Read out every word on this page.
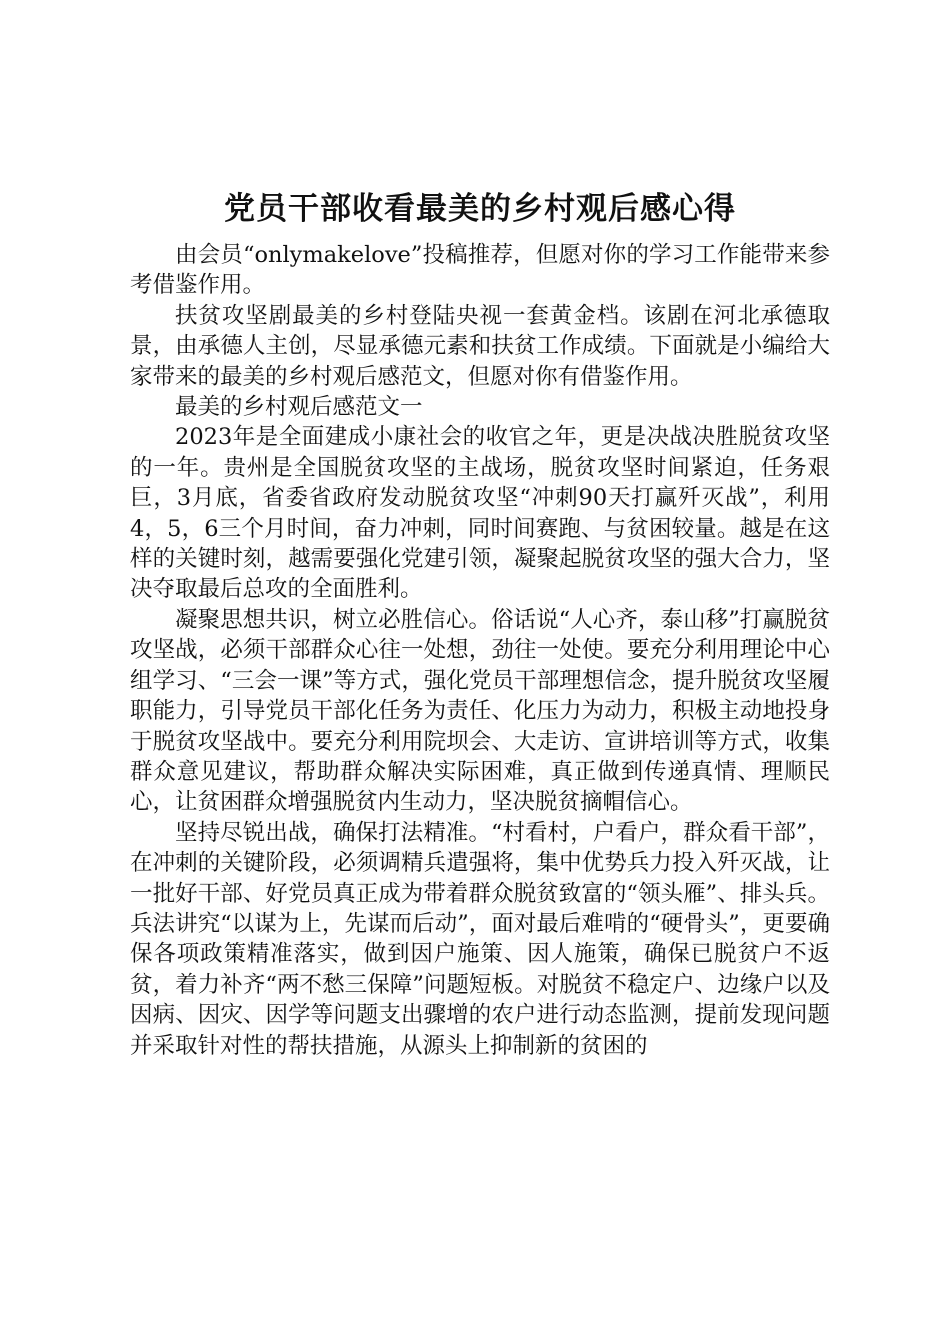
党员干部收看最美的乡村观后感心得

由会员“onlymakelove”投稿推荐，但愿对你的学习工作能带来参考借鉴作用。

扶贫攻坚剧最美的乡村登陆央视一套黄金档。该剧在河北承德取景，由承德人主创，尽显承德元素和扶贫工作成绩。下面就是小编给大家带来的最美的乡村观后感范文，但愿对你有借鉴作用。

最美的乡村观后感范文一

2023年是全面建成小康社会的收官之年，更是决战决胜脱贫攻坚的一年。贵州是全国脱贫攻坚的主战场，脱贫攻坚时间紧迫，任务艰巨，3月底，省委省政府发动脱贫攻坚“冲刺90天打赢歼灭战”，利用4，5，6三个月时间，奋力冲刺，同时间赛跑、与贫困较量。越是在这样的关键时刻，越需要强化党建引领，凝聚起脱贫攻坚的强大合力，坚决夺取最后总攻的全面胜利。

凝聚思想共识，树立必胜信心。俗话说“人心齐，泰山移”打赢脱贫攻坚战，必须干部群众心往一处想，劲往一处使。要充分利用理论中心组学习、“三会一课”等方式，强化党员干部理想信念，提升脱贫攻坚履职能力，引导党员干部化任务为责任、化压力为动力，积极主动地投身于脱贫攻坚战中。要充分利用院坝会、大走访、宣讲培训等方式，收集群众意见建议，帮助群众解决实际困难，真正做到传递真情、理顺民心，让贫困群众增强脱贫内生动力，坚决脱贫摘帽信心。

坚持尽锐出战，确保打法精准。“村看村，户看户，群众看干部”，在冲刺的关键阶段，必须调精兵遣强将，集中优势兵力投入歼灭战，让一批好干部、好党员真正成为带着群众脱贫致富的“领头雁”、排头兵。兵法讲究“以谋为上，先谋而后动”，面对最后难啃的“硬骨头”，更要确保各项政策精准落实，做到因户施策、因人施策，确保已脱贫户不返贫，着力补齐“两不愁三保障”问题短板。对脱贫不稳定户、边缘户以及因病、因灾、因学等问题支出骤增的农户进行动态监测，提前发现问题并采取针对性的帮扶措施，从源头上抑制新的贫困的
